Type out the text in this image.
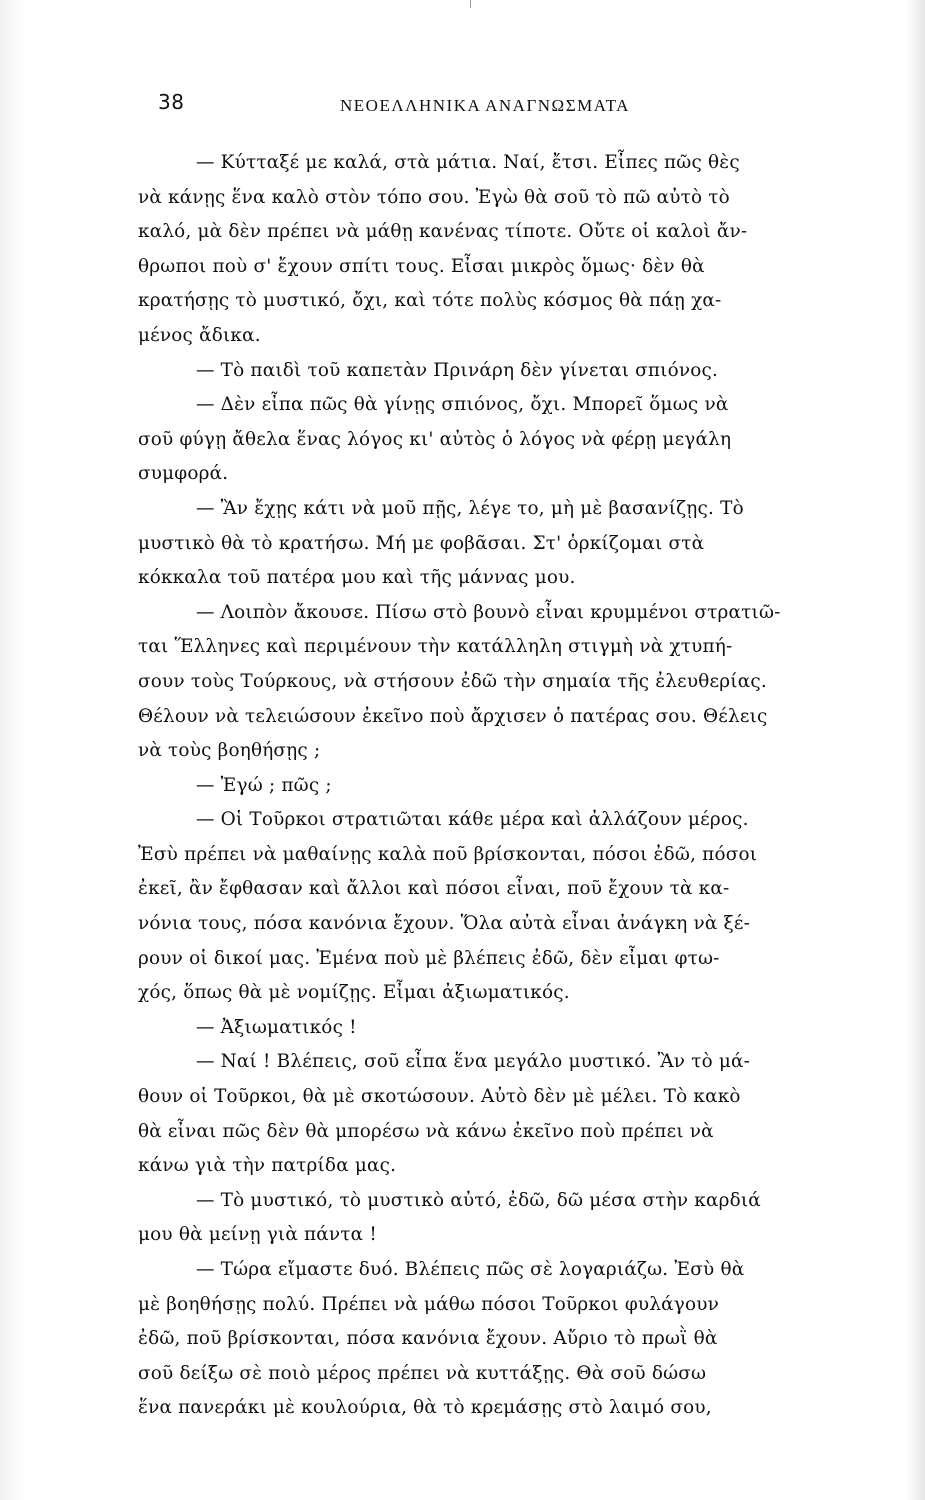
38	ΝΕΟΕΛΛΗΝΙΚΑ ΑΝΑΓΝΩΣΜΑΤΑ
— Κύτταξέ με καλά, στὰ μάτια. Ναί, ἔτσι. Εἶπες πῶς θὲς
νὰ κάνῃς ἕνα καλὸ στὸν τόπο σου. Ἐγὼ θὰ σοῦ τὸ πῶ αὐτὸ τὸ
καλό, μὰ δὲν πρέπει νὰ μάθῃ κανένας τίποτε. Οὔτε οἱ καλοὶ ἄν-
θρωποι ποὺ σ' ἔχουν σπίτι τους. Εἶσαι μικρὸς ὅμως· δὲν θὰ
κρατήσῃς τὸ μυστικό, ὄχι, καὶ τότε πολὺς κόσμος θὰ πάῃ χα-
μένος ἄδικα.
— Τὸ παιδὶ τοῦ καπετὰν Πρινάρη δὲν γίνεται σπιόνος.
— Δὲν εἶπα πῶς θὰ γίνῃς σπιόνος, ὄχι. Μπορεῖ ὅμως νὰ
σοῦ φύγῃ ἄθελα ἕνας λόγος κι' αὐτὸς ὁ λόγος νὰ φέρῃ μεγάλη
συμφορά.
— Ἂν ἔχῃς κάτι νὰ μοῦ πῇς, λέγε το, μὴ μὲ βασανίζῃς. Τὸ
μυστικὸ θὰ τὸ κρατήσω. Μή με φοβᾶσαι. Στ' ὁρκίζομαι στὰ
κόκκαλα τοῦ πατέρα μου καὶ τῆς μάννας μου.
— Λοιπὸν ἄκουσε. Πίσω στὸ βουνὸ εἶναι κρυμμένοι στρατιῶ-
ται Ἕλληνες καὶ περιμένουν τὴν κατάλληλη στιγμὴ νὰ χτυπή-
σουν τοὺς Τούρκους, νὰ στήσουν ἐδῶ τὴν σημαία τῆς ἐλευθερίας.
Θέλουν νὰ τελειώσουν ἐκεῖνο ποὺ ἄρχισεν ὁ πατέρας σου. Θέλεις
νὰ τοὺς βοηθήσῃς ;
— Ἐγώ ; πῶς ;
— Οἱ Τοῦρκοι στρατιῶται κάθε μέρα καὶ ἀλλάζουν μέρος.
Ἐσὺ πρέπει νὰ μαθαίνῃς καλὰ ποῦ βρίσκονται, πόσοι ἐδῶ, πόσοι
ἐκεῖ, ἂν ἔφθασαν καὶ ἄλλοι καὶ πόσοι εἶναι, ποῦ ἔχουν τὰ κα-
νόνια τους, πόσα κανόνια ἔχουν. Ὅλα αὐτὰ εἶναι ἀνάγκη νὰ ξέ-
ρουν οἱ δικοί μας. Ἐμένα ποὺ μὲ βλέπεις ἐδῶ, δὲν εἶμαι φτω-
χός, ὅπως θὰ μὲ νομίζῃς. Εἶμαι ἀξιωματικός.
— Ἀξιωματικός !
— Ναί ! Βλέπεις, σοῦ εἶπα ἕνα μεγάλο μυστικό. Ἂν τὸ μά-
θουν οἱ Τοῦρκοι, θὰ μὲ σκοτώσουν. Αὐτὸ δὲν μὲ μέλει. Τὸ κακὸ
θὰ εἶναι πῶς δὲν θὰ μπορέσω νὰ κάνω ἐκεῖνο ποὺ πρέπει νὰ
κάνω γιὰ τὴν πατρίδα μας.
— Τὸ μυστικό, τὸ μυστικὸ αὐτό, ἐδῶ, δῶ μέσα στὴν καρδιά
μου θὰ μείνῃ γιὰ πάντα !
— Τώρα εἴμαστε δυό. Βλέπεις πῶς σὲ λογαριάζω. Ἐσὺ θὰ
μὲ βοηθήσῃς πολύ. Πρέπει νὰ μάθω πόσοι Τοῦρκοι φυλάγουν
ἐδῶ, ποῦ βρίσκονται, πόσα κανόνια ἔχουν. Αὔριο τὸ πρωῒ θὰ
σοῦ δείξω σὲ ποιὸ μέρος πρέπει νὰ κυττάξῃς. Θὰ σοῦ δώσω
ἕνα πανεράκι μὲ κουλούρια, θὰ τὸ κρεμάσῃς στὸ λαιμό σου,
